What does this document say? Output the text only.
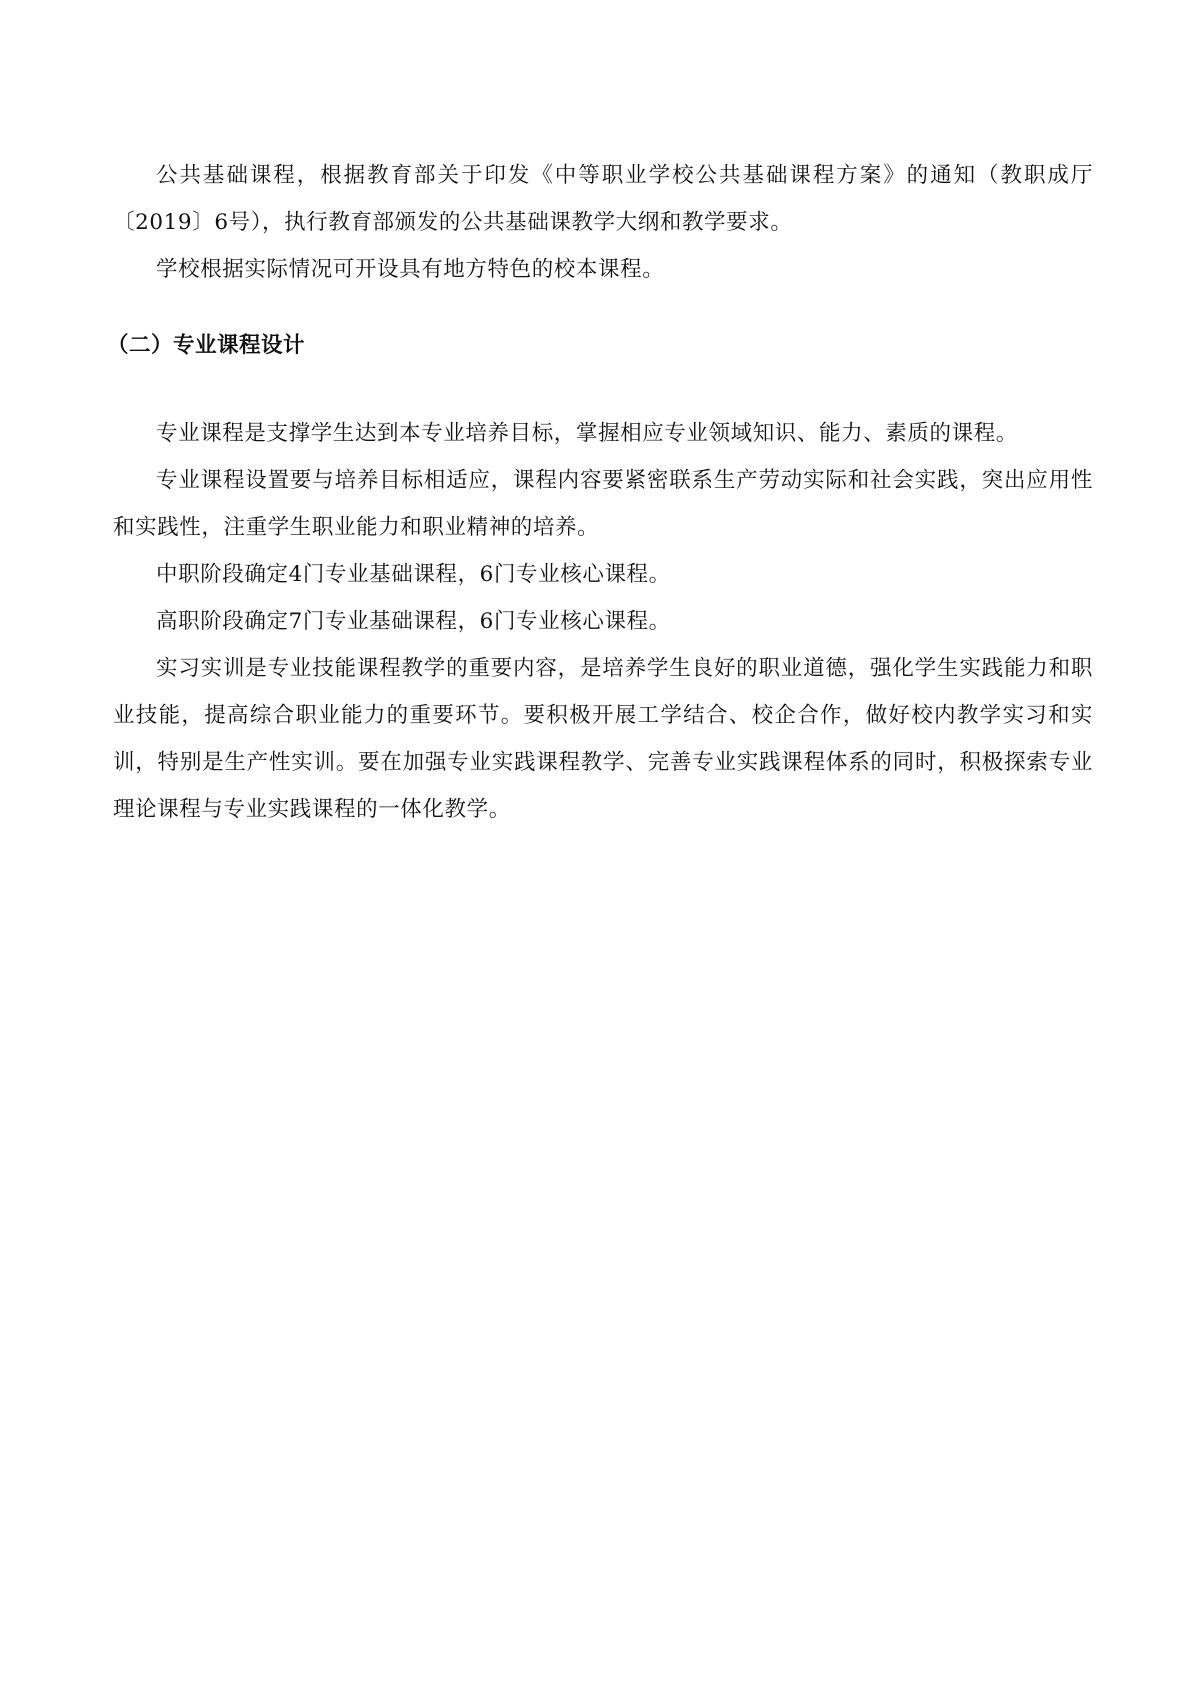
公共基础课程，根据教育部关于印发《中等职业学校公共基础课程方案》的通知（教职成厅〔2019〕6号），执行教育部颁发的公共基础课教学大纲和教学要求。

学校根据实际情况可开设具有地方特色的校本课程。

（二）专业课程设计

专业课程是支撑学生达到本专业培养目标，掌握相应专业领域知识、能力、素质的课程。

专业课程设置要与培养目标相适应，课程内容要紧密联系生产劳动实际和社会实践，突出应用性和实践性，注重学生职业能力和职业精神的培养。

中职阶段确定4门专业基础课程，6门专业核心课程。

高职阶段确定7门专业基础课程，6门专业核心课程。

实习实训是专业技能课程教学的重要内容，是培养学生良好的职业道德，强化学生实践能力和职业技能，提高综合职业能力的重要环节。要积极开展工学结合、校企合作，做好校内教学实习和实训，特别是生产性实训。要在加强专业实践课程教学、完善专业实践课程体系的同时，积极探索专业理论课程与专业实践课程的一体化教学。
